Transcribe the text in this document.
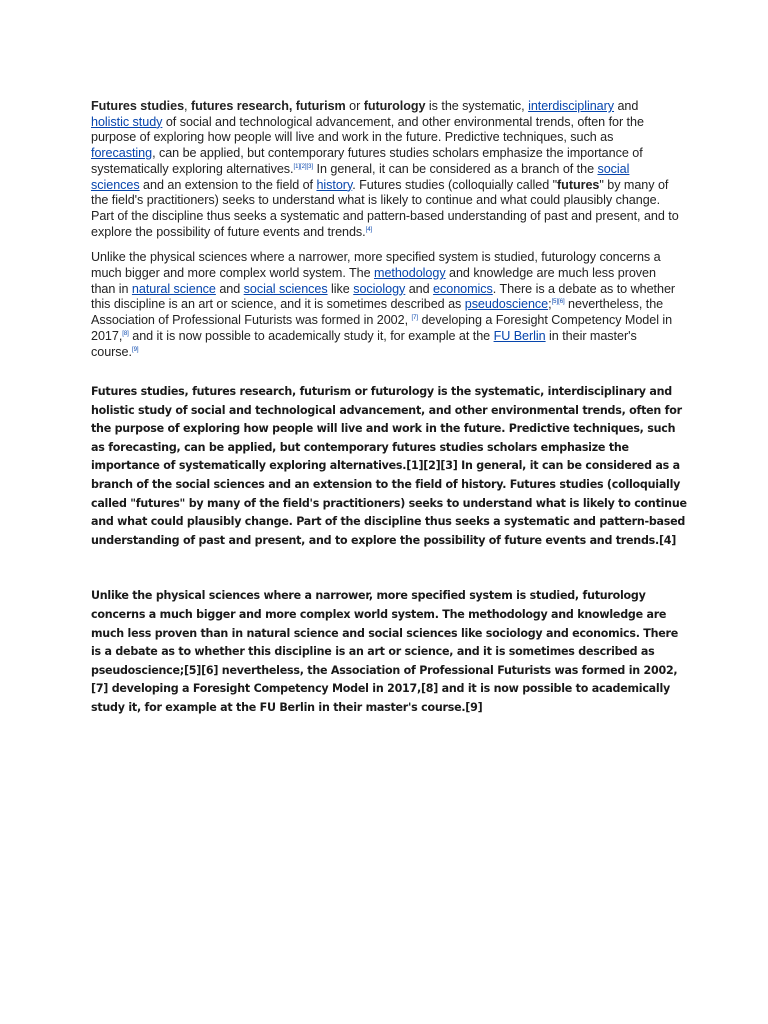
Futures studies, futures research, futurism or futurology is the systematic, interdisciplinary and holistic study of social and technological advancement, and other environmental trends, often for the purpose of exploring how people will live and work in the future. Predictive techniques, such as forecasting, can be applied, but contemporary futures studies scholars emphasize the importance of systematically exploring alternatives.[1][2][3] In general, it can be considered as a branch of the social sciences and an extension to the field of history. Futures studies (colloquially called "futures" by many of the field's practitioners) seeks to understand what is likely to continue and what could plausibly change. Part of the discipline thus seeks a systematic and pattern-based understanding of past and present, and to explore the possibility of future events and trends.[4]

Unlike the physical sciences where a narrower, more specified system is studied, futurology concerns a much bigger and more complex world system. The methodology and knowledge are much less proven than in natural science and social sciences like sociology and economics. There is a debate as to whether this discipline is an art or science, and it is sometimes described as pseudoscience;[5][6] nevertheless, the Association of Professional Futurists was formed in 2002, [7] developing a Foresight Competency Model in 2017,[8] and it is now possible to academically study it, for example at the FU Berlin in their master's course.[9]

Futures studies, futures research, futurism or futurology is the systematic, interdisciplinary and holistic study of social and technological advancement, and other environmental trends, often for the purpose of exploring how people will live and work in the future. Predictive techniques, such as forecasting, can be applied, but contemporary futures studies scholars emphasize the importance of systematically exploring alternatives.[1][2][3] In general, it can be considered as a branch of the social sciences and an extension to the field of history. Futures studies (colloquially called "futures" by many of the field's practitioners) seeks to understand what is likely to continue and what could plausibly change. Part of the discipline thus seeks a systematic and pattern-based understanding of past and present, and to explore the possibility of future events and trends.[4]

Unlike the physical sciences where a narrower, more specified system is studied, futurology concerns a much bigger and more complex world system. The methodology and knowledge are much less proven than in natural science and social sciences like sociology and economics. There is a debate as to whether this discipline is an art or science, and it is sometimes described as pseudoscience;[5][6] nevertheless, the Association of Professional Futurists was formed in 2002,[7] developing a Foresight Competency Model in 2017,[8] and it is now possible to academically study it, for example at the FU Berlin in their master's course.[9]
